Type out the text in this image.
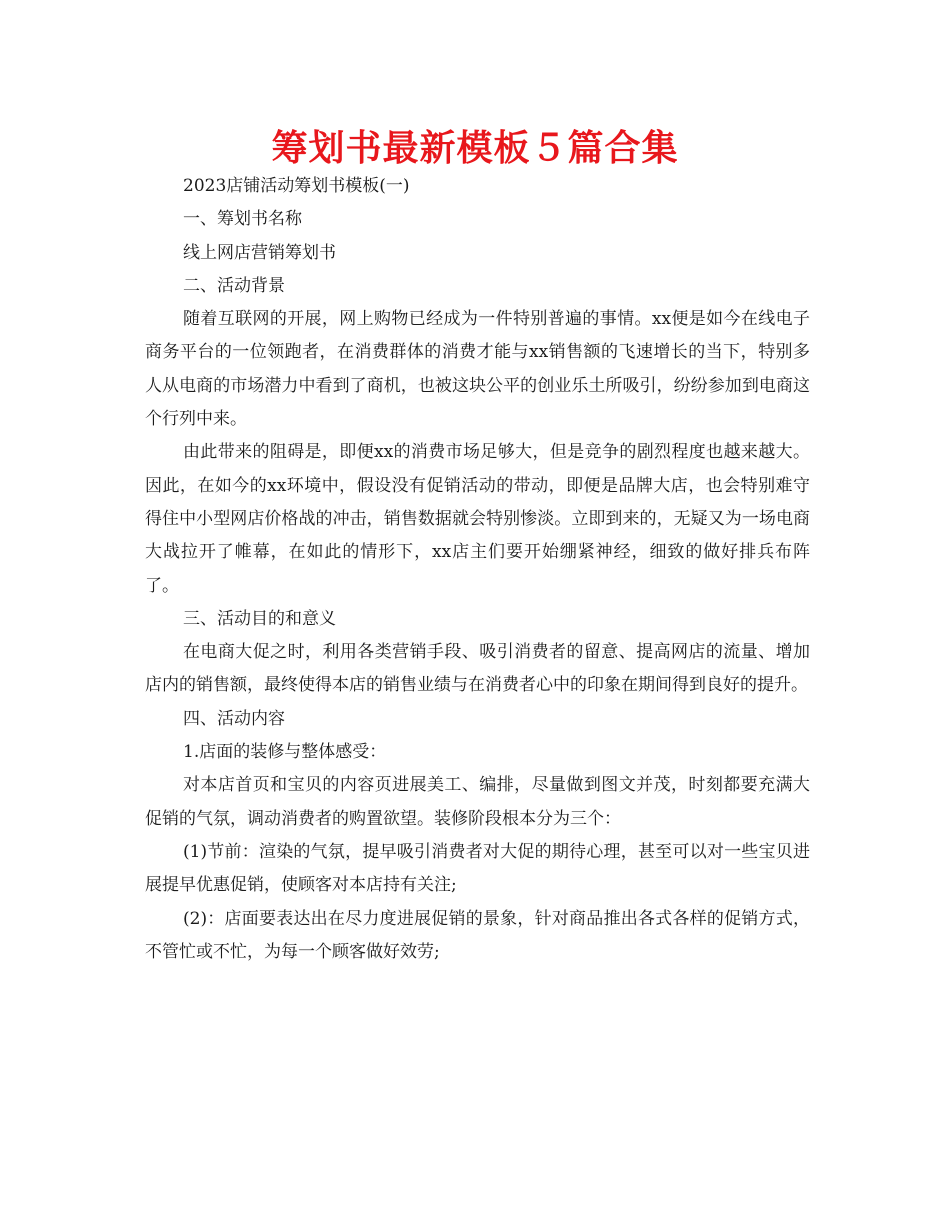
筹划书最新模板５篇合集

2023店铺活动筹划书模板(一)

一、筹划书名称

线上网店营销筹划书

二、活动背景

随着互联网的开展，网上购物已经成为一件特别普遍的事情。xx便是如今在线电子商务平台的一位领跑者，在消费群体的消费才能与xx销售额的飞速增长的当下，特别多人从电商的市场潜力中看到了商机，也被这块公平的创业乐土所吸引，纷纷参加到电商这个行列中来。

由此带来的阻碍是，即便xx的消费市场足够大，但是竞争的剧烈程度也越来越大。因此，在如今的xx环境中，假设没有促销活动的带动，即便是品牌大店，也会特别难守得住中小型网店价格战的冲击，销售数据就会特别惨淡。立即到来的，无疑又为一场电商大战拉开了帷幕，在如此的情形下，xx店主们要开始绷紧神经，细致的做好排兵布阵了。

三、活动目的和意义

在电商大促之时，利用各类营销手段、吸引消费者的留意、提高网店的流量、增加店内的销售额，最终使得本店的销售业绩与在消费者心中的印象在期间得到良好的提升。

四、活动内容

1.店面的装修与整体感受：

对本店首页和宝贝的内容页进展美工、编排，尽量做到图文并茂，时刻都要充满大促销的气氛，调动消费者的购置欲望。装修阶段根本分为三个：

(1)节前：渲染的气氛，提早吸引消费者对大促的期待心理，甚至可以对一些宝贝进展提早优惠促销，使顾客对本店持有关注;

(2)：店面要表达出在尽力度进展促销的景象，针对商品推出各式各样的促销方式，不管忙或不忙，为每一个顾客做好效劳;
